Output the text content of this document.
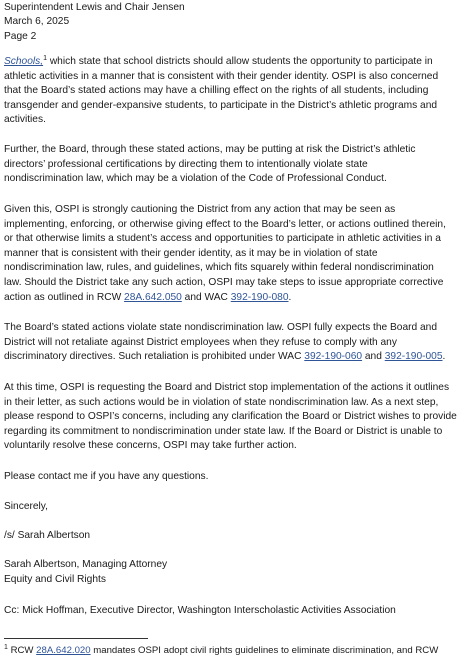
Superintendent Lewis and Chair Jensen
March 6, 2025
Page 2
Schools,$^1$ which state that school districts should allow students the opportunity to participate in
athletic activities in a manner that is consistent with their gender identity. OSPI is also concerned
that the Board’s stated actions may have a chilling effect on the rights of all students, including
transgender and gender-expansive students, to participate in the District’s athletic programs and
activities.
Further, the Board, through these stated actions, may be putting at risk the District’s athletic
directors’ professional certifications by directing them to intentionally violate state
nondiscrimination law, which may be a violation of the Code of Professional Conduct.
Given this, OSPI is strongly cautioning the District from any action that may be seen as
implementing, enforcing, or otherwise giving effect to the Board’s letter, or actions outlined therein,
or that otherwise limits a student’s access and opportunities to participate in athletic activities in a
manner that is consistent with their gender identity, as it may be in violation of state
nondiscrimination law, rules, and guidelines, which fits squarely within federal nondiscrimination
law. Should the District take any such action, OSPI may take steps to issue appropriate corrective
action as outlined in RCW 28A.642.050 and WAC 392-190-080.
The Board’s stated actions violate state nondiscrimination law. OSPI fully expects the Board and
District will not retaliate against District employees when they refuse to comply with any
discriminatory directives. Such retaliation is prohibited under WAC 392-190-060 and 392-190-005.
At this time, OSPI is requesting the Board and District stop implementation of the actions it outlines
in their letter, as such actions would be in violation of state nondiscrimination law. As a next step,
please respond to OSPI’s concerns, including any clarification the Board or District wishes to provide
regarding its commitment to nondiscrimination under state law. If the Board or District is unable to
voluntarily resolve these concerns, OSPI may take further action.
Please contact me if you have any questions.
Sincerely,
/s/ Sarah Albertson
Sarah Albertson, Managing Attorney
Equity and Civil Rights
Cc: Mick Hoffman, Executive Director, Washington Interscholastic Activities Association
$^1$ RCW 28A.642.020 mandates OSPI adopt civil rights guidelines to eliminate discrimination, and RCW
